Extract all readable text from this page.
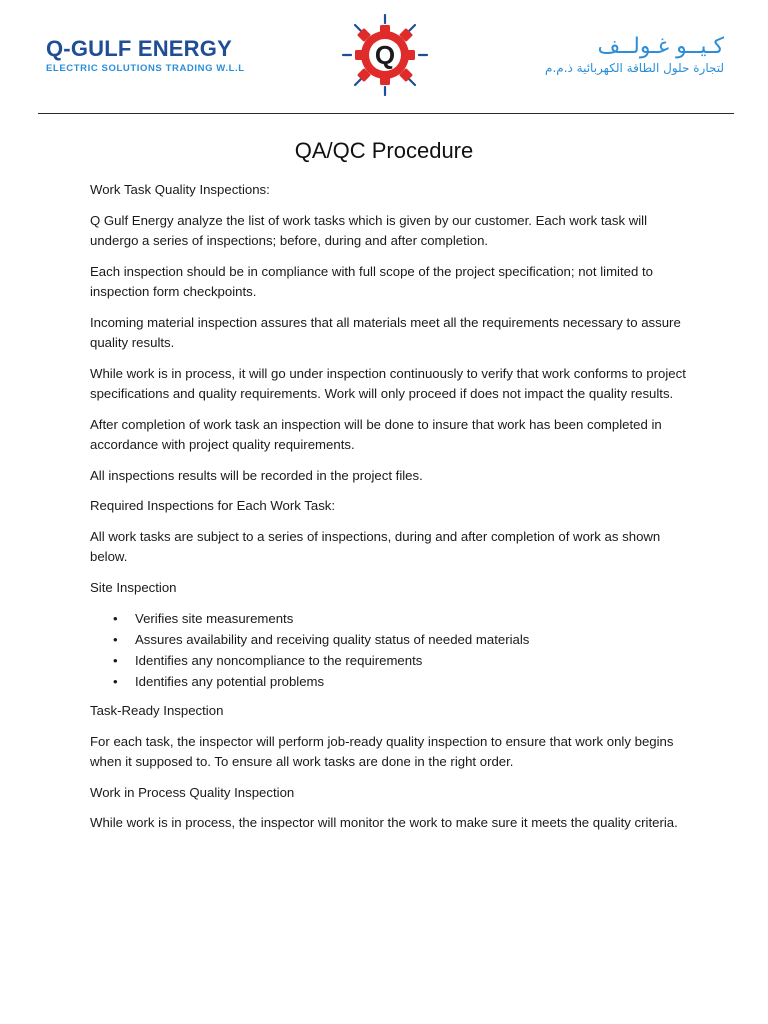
Q-GULF ENERGY
ELECTRIC SOLUTIONS TRADING W.L.L	Q	كـيــو غـولــف
لتجارة حلول الطاقة الكهربائية ذ.م.م
QA/QC Procedure

Work Task Quality Inspections:

Q Gulf Energy analyze the list of work tasks which is given by our customer. Each work task will undergo a series of inspections; before, during and after completion.

Each inspection should be in compliance with full scope of the project specification; not limited to inspection form checkpoints.

Incoming material inspection assures that all materials meet all the requirements necessary to assure quality results.

While work is in process, it will go under inspection continuously to verify that work conforms to project specifications and quality requirements. Work will only proceed if does not impact the quality results.

After completion of work task an inspection will be done to insure that work has been completed in accordance with project quality requirements.

All inspections results will be recorded in the project files.

Required Inspections for Each Work Task:

All work tasks are subject to a series of inspections, during and after completion of work as shown below.

Site Inspection

• Verifies site measurements
• Assures availability and receiving quality status of needed materials
• Identifies any noncompliance to the requirements
• Identifies any potential problems

Task-Ready Inspection

For each task, the inspector will perform job-ready quality inspection to ensure that work only begins when it supposed to. To ensure all work tasks are done in the right order.

Work in Process Quality Inspection

While work is in process, the inspector will monitor the work to make sure it meets the quality criteria.
